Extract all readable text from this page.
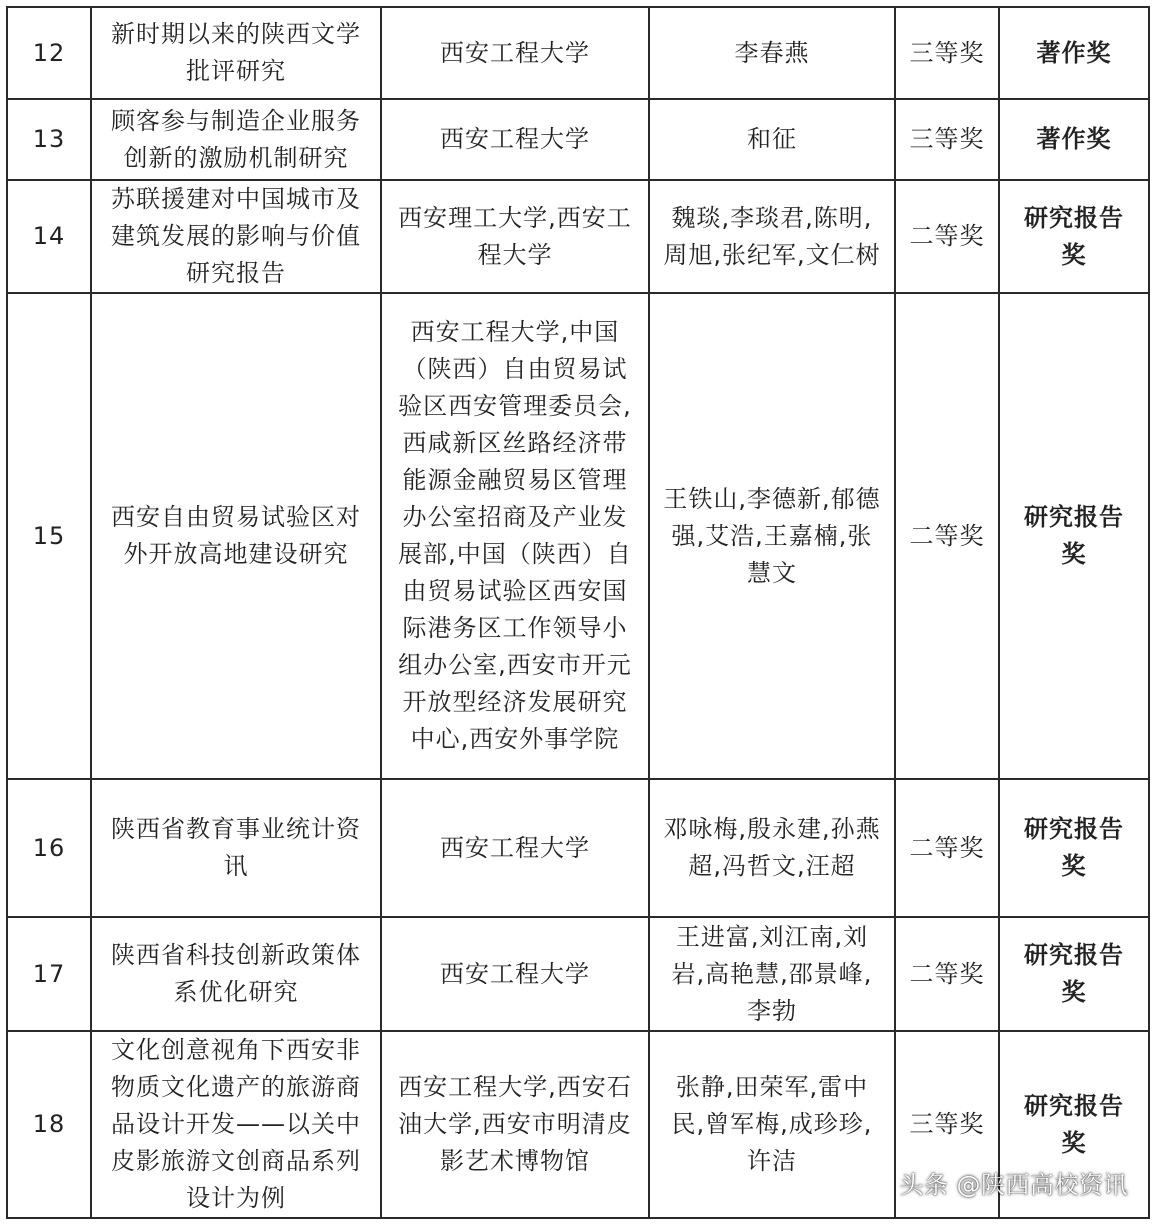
12	新时期以来的陕西文学批评研究	西安工程大学	李春燕	三等奖	著作奖
13	顾客参与制造企业服务创新的激励机制研究	西安工程大学	和征	三等奖	著作奖
14	苏联援建对中国城市及建筑发展的影响与价值研究报告	西安理工大学,西安工程大学	魏琰,李琰君,陈明,周旭,张纪军,文仁树	二等奖	研究报告奖
15	西安自由贸易试验区对外开放高地建设研究	西安工程大学,中国（陕西）自由贸易试验区西安管理委员会,西咸新区丝路经济带能源金融贸易区管理办公室招商及产业发展部,中国（陕西）自由贸易试验区西安国际港务区工作领导小组办公室,西安市开元开放型经济发展研究中心,西安外事学院	王铁山,李德新,郁德强,艾浩,王嘉楠,张慧文	二等奖	研究报告奖
16	陕西省教育事业统计资讯	西安工程大学	邓咏梅,殷永建,孙燕超,冯哲文,汪超	二等奖	研究报告奖
17	陕西省科技创新政策体系优化研究	西安工程大学	王进富,刘江南,刘岩,高艳慧,邵景峰,李勃	二等奖	研究报告奖
18	文化创意视角下西安非物质文化遗产的旅游商品设计开发——以关中皮影旅游文创商品系列设计为例	西安工程大学,西安石油大学,西安市明清皮影艺术博物馆	张静,田荣军,雷中民,曾军梅,成珍珍,许洁	三等奖	研究报告奖
头条 @陕西高校资讯
